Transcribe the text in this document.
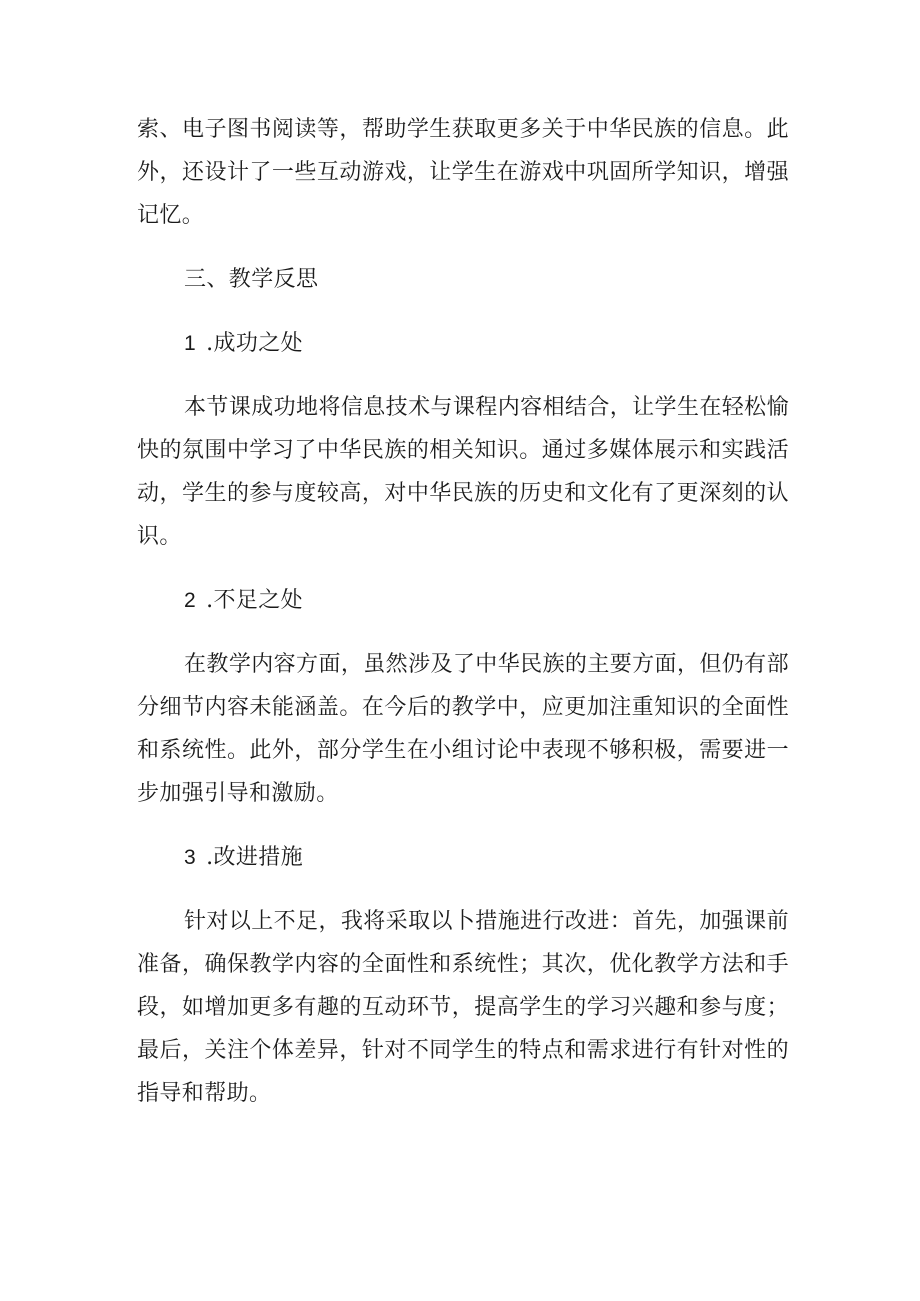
索、电子图书阅读等，帮助学生获取更多关于中华民族的信息。此外，还设计了一些互动游戏，让学生在游戏中巩固所学知识，增强记忆。

三、教学反思

1 .成功之处

本节课成功地将信息技术与课程内容相结合，让学生在轻松愉快的氛围中学习了中华民族的相关知识。通过多媒体展示和实践活动，学生的参与度较高，对中华民族的历史和文化有了更深刻的认识。

2 .不足之处

在教学内容方面，虽然涉及了中华民族的主要方面，但仍有部分细节内容未能涵盖。在今后的教学中，应更加注重知识的全面性和系统性。此外，部分学生在小组讨论中表现不够积极，需要进一步加强引导和激励。

3 .改进措施

针对以上不足，我将采取以卜措施进行改进：首先，加强课前准备，确保教学内容的全面性和系统性；其次，优化教学方法和手段，如增加更多有趣的互动环节，提高学生的学习兴趣和参与度；最后，关注个体差异，针对不同学生的特点和需求进行有针对性的指导和帮助。
